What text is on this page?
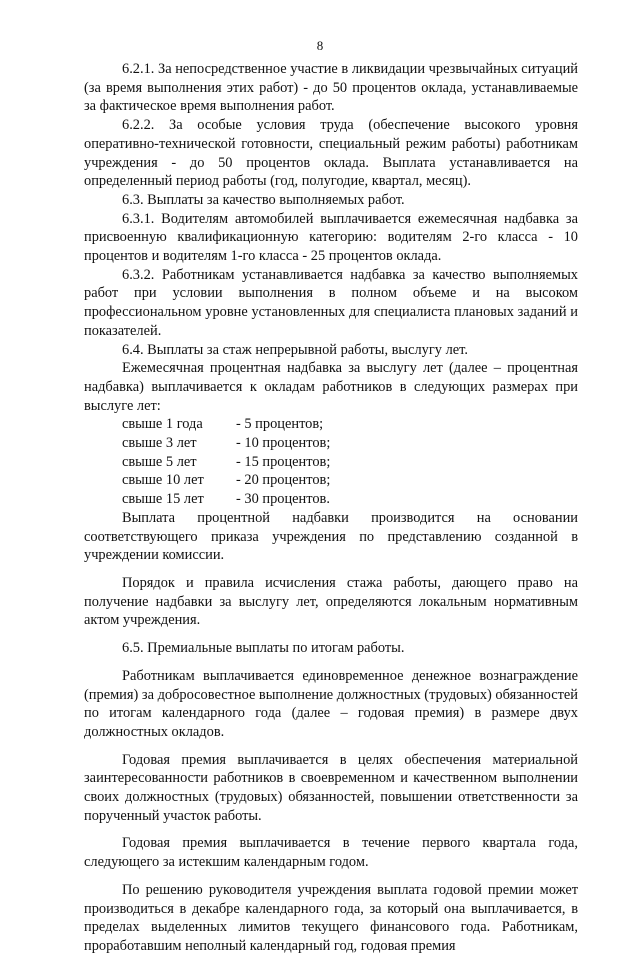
8

6.2.1. За непосредственное участие в ликвидации чрезвычайных ситуаций (за время выполнения этих работ) - до 50 процентов оклада, устанавливаемые за фактическое время выполнения работ.

6.2.2. За особые условия труда (обеспечение высокого уровня оперативно-технической готовности, специальный режим работы) работникам учреждения - до 50 процентов оклада. Выплата устанавливается на определенный период работы (год, полугодие, квартал, месяц).

6.3. Выплаты за качество выполняемых работ.

6.3.1. Водителям автомобилей выплачивается ежемесячная надбавка за присвоенную квалификационную категорию: водителям 2-го класса - 10 процентов и водителям 1-го класса - 25 процентов оклада.

6.3.2. Работникам устанавливается надбавка за качество выполняемых работ при условии выполнения в полном объеме и на высоком профессиональном уровне установленных для специалиста плановых заданий и показателей.

6.4. Выплаты за стаж непрерывной работы, выслугу лет.

Ежемесячная процентная надбавка за выслугу лет (далее – процентная надбавка) выплачивается к окладам работников в следующих размерах при выслуге лет:

свыше 1 года	- 5 процентов;
свыше 3 лет	- 10 процентов;
свыше 5 лет	- 15 процентов;
свыше 10 лет	- 20 процентов;
свыше 15 лет	- 30 процентов.

Выплата процентной надбавки производится на основании соответствующего приказа учреждения по представлению созданной в учреждении комиссии.

Порядок и правила исчисления стажа работы, дающего право на получение надбавки за выслугу лет, определяются локальным нормативным актом учреждения.

6.5. Премиальные выплаты по итогам работы.

Работникам выплачивается единовременное денежное вознаграждение (премия) за добросовестное выполнение должностных (трудовых) обязанностей по итогам календарного года (далее – годовая премия) в размере двух должностных окладов.

Годовая премия выплачивается в целях обеспечения материальной заинтересованности работников в своевременном и качественном выполнении своих должностных (трудовых) обязанностей, повышении ответственности за порученный участок работы.

Годовая премия выплачивается в течение первого квартала года, следующего за истекшим календарным годом.

По решению руководителя учреждения выплата годовой премии может производиться в декабре календарного года, за который она выплачивается, в пределах выделенных лимитов текущего финансового года. Работникам, проработавшим неполный календарный год, годовая премия
